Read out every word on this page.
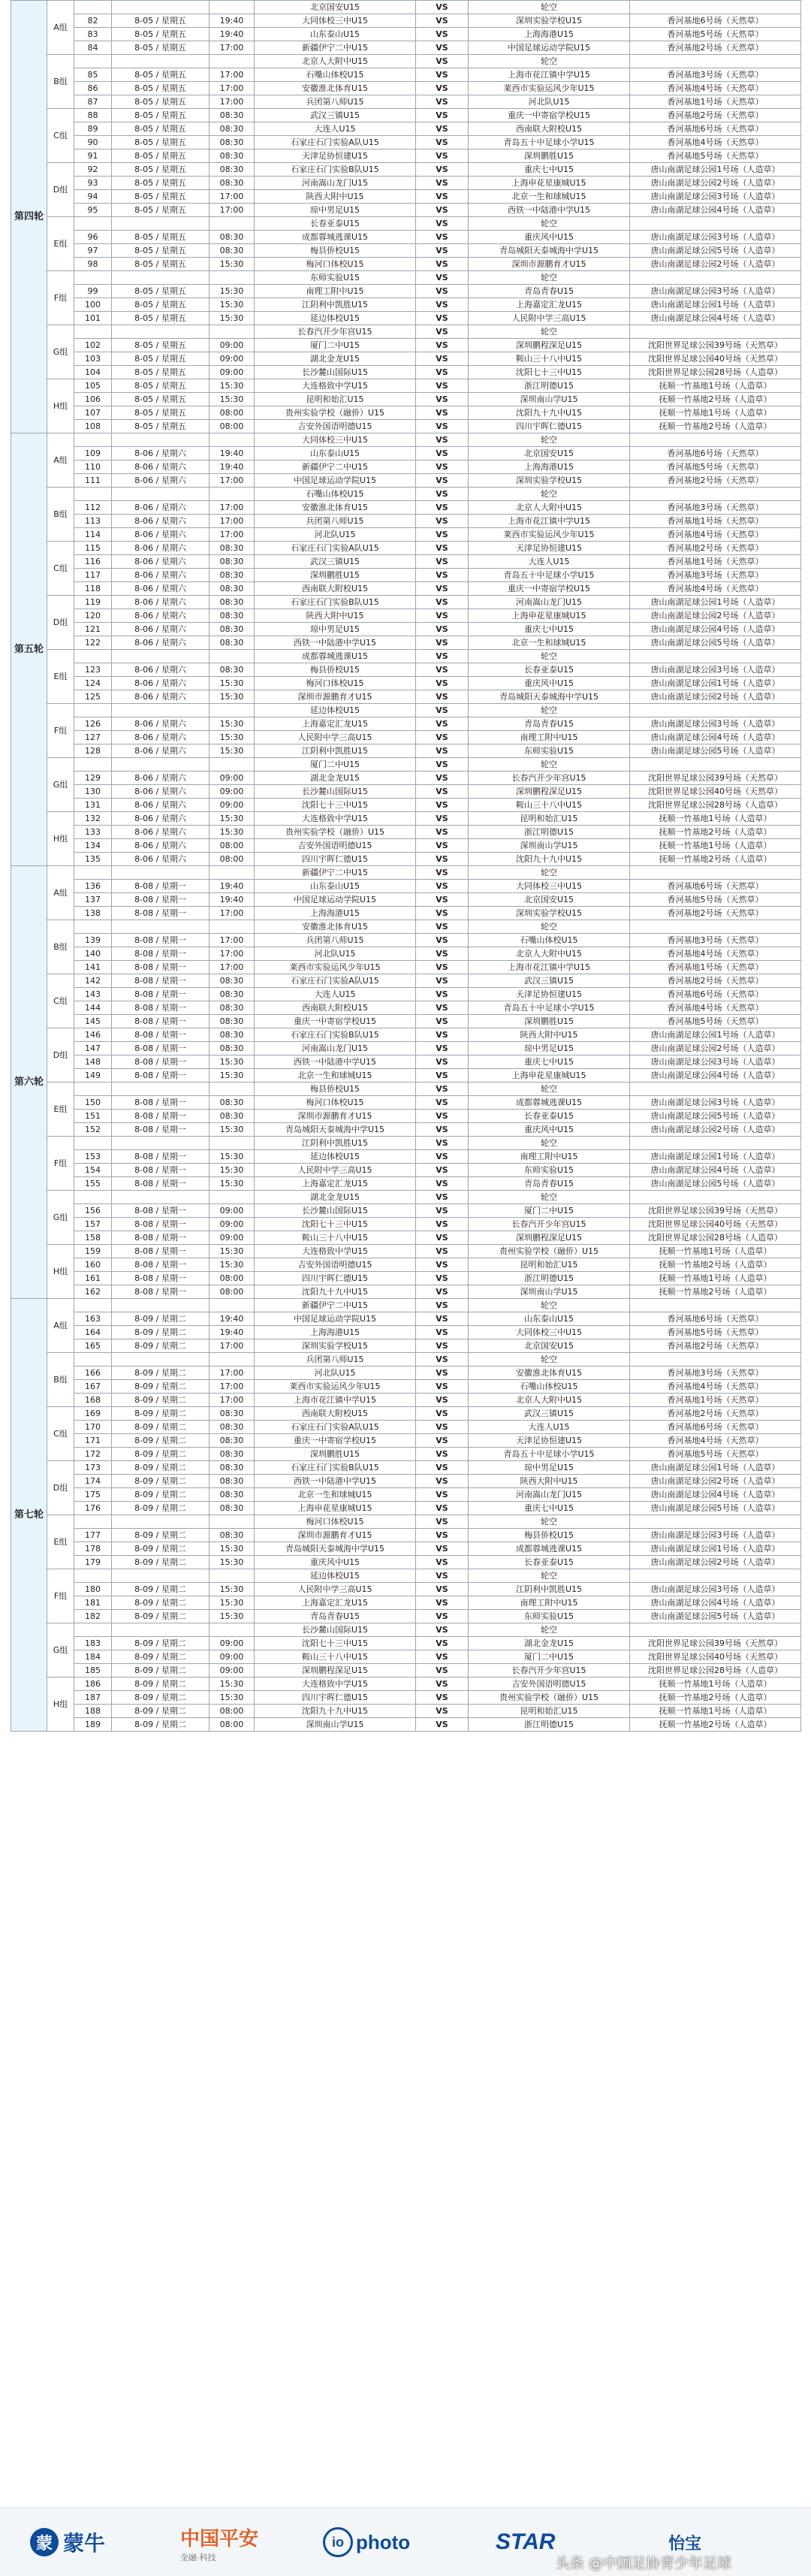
第四轮	A组				北京国安U15	VS	轮空	
		82	8-05 / 星期五	19:40	大同体校三中U15	VS	深圳实验学校U15	香河基地6号场（天然草）
		83	8-05 / 星期五	19:40	山东泰山U15	VS	上海海港U15	香河基地5号场（天然草）
		84	8-05 / 星期五	17:00	新疆伊宁二中U15	VS	中国足球运动学院U15	香河基地2号场（天然草）
	B组				北京人大附中U15	VS	轮空	
		85	8-05 / 星期五	17:00	石嘴山体校U15	VS	上海市花江镇中学U15	香河基地3号场（天然草）
		86	8-05 / 星期五	17:00	安徽淮北体育U15	VS	莱西市实验运风少年U15	香河基地4号场（天然草）
		87	8-05 / 星期五	17:00	兵团第八师U15	VS	河北队U15	香河基地1号场（天然草）
	C组	88	8-05 / 星期五	08:30	武汉三镇U15	VS	重庆一中寄宿学校U15	香河基地2号场（天然草）
		89	8-05 / 星期五	08:30	大连人U15	VS	西南联大附校U15	香河基地6号场（天然草）
		90	8-05 / 星期五	08:30	石家庄石门实验A队U15	VS	青岛五十中足球小学U15	香河基地4号场（天然草）
		91	8-05 / 星期五	08:30	天津足协恒建U15	VS	深圳鹏胜U15	香河基地5号场（天然草）
	D组	92	8-05 / 星期五	08:30	石家庄石门实验B队U15	VS	重庆七中U15	唐山南湖足球公园1号场（人造草）
		93	8-05 / 星期五	08:30	河南嵩山龙门U15	VS	上海申花星康城U15	唐山南湖足球公园2号场（人造草）
		94	8-05 / 星期五	17:00	陕西大附中U15	VS	北京一生和球城U15	唐山南湖足球公园3号场（人造草）
		95	8-05 / 星期五	17:00	琼中男足U15	VS	西铁一中陆港中学U15	唐山南湖足球公园4号场（人造草）
	E组				长春亚泰U15	VS	轮空	
		96	8-05 / 星期五	08:30	成都蓉城逃课U15	VS	重庆风中U15	唐山南湖足球公园3号场（人造草）
		97	8-05 / 星期五	08:30	梅县侨校U15	VS	青岛城阳天泰城海中学U15	唐山南湖足球公园5号场（人造草）
		98	8-05 / 星期五	15:30	梅河口体校U15	VS	深圳市源鹏育才U15	唐山南湖足球公园2号场（人造草）
	F组				东师实验U15	VS	轮空	
		99	8-05 / 星期五	15:30	南理工附中U15	VS	青岛青春U15	唐山南湖足球公园3号场（人造草）
		100	8-05 / 星期五	15:30	江阴利中凯胜U15	VS	上海嘉定汇龙U15	唐山南湖足球公园1号场（人造草）
		101	8-05 / 星期五	15:30	延边体校U15	VS	人民附中学三高U15	唐山南湖足球公园4号场（人造草）
	G组				长春汽开少年宫U15	VS	轮空	
		102	8-05 / 星期五	09:00	厦门二中U15	VS	深圳鹏程深足U15	沈阳世界足球公园39号场（天然草）
		103	8-05 / 星期五	09:00	湖北金龙U15	VS	鞍山三十八中U15	沈阳世界足球公园40号场（天然草）
		104	8-05 / 星期五	09:00	长沙麓山国际U15	VS	沈阳七十三中U15	沈阳世界足球公园28号场（人造草）
	H组	105	8-05 / 星期五	15:30	大连格致中学U15	VS	浙江明德U15	抚顺一竹基地1号场（人造草）
		106	8-05 / 星期五	15:30	昆明和始汇U15	VS	深圳南山学U15	抚顺一竹基地2号场（人造草）
		107	8-05 / 星期五	08:00	贵州实验学校（融侨）U15	VS	沈阳九十九中U15	抚顺一竹基地1号场（人造草）
		108	8-05 / 星期五	08:00	吉安外国语明德U15	VS	四川宇晖仁德U15	抚顺一竹基地2号场（人造草）
第五轮	A组				大同体校三中U15	VS	轮空	
		109	8-06 / 星期六	19:40	山东泰山U15	VS	北京国安U15	香河基地6号场（天然草）
		110	8-06 / 星期六	19:40	新疆伊宁二中U15	VS	上海海港U15	香河基地5号场（天然草）
		111	8-06 / 星期六	17:00	中国足球运动学院U15	VS	深圳实验学校U15	香河基地2号场（天然草）
	B组				石嘴山体校U15	VS	轮空	
		112	8-06 / 星期六	17:00	安徽淮北体育U15	VS	北京人大附中U15	香河基地3号场（天然草）
		113	8-06 / 星期六	17:00	兵团第八师U15	VS	上海市花江镇中学U15	香河基地1号场（天然草）
		114	8-06 / 星期六	17:00	河北队U15	VS	莱西市实验运风少年U15	香河基地4号场（天然草）
	C组	115	8-06 / 星期六	08:30	石家庄石门实验A队U15	VS	天津足协恒建U15	香河基地2号场（天然草）
		116	8-06 / 星期六	08:30	武汉三镇U15	VS	大连人U15	香河基地1号场（天然草）
		117	8-06 / 星期六	08:30	深圳鹏胜U15	VS	青岛五十中足球小学U15	香河基地3号场（天然草）
		118	8-06 / 星期六	08:30	西南联大附校U15	VS	重庆一中寄宿学校U15	香河基地4号场（天然草）
	D组	119	8-06 / 星期六	08:30	石家庄石门实验B队U15	VS	河南嵩山龙门U15	唐山南湖足球公园1号场（人造草）
		120	8-06 / 星期六	08:30	陕西大附中U15	VS	上海申花星康城U15	唐山南湖足球公园2号场（人造草）
		121	8-06 / 星期六	08:30	琼中男足U15	VS	重庆七中U15	唐山南湖足球公园4号场（人造草）
		122	8-06 / 星期六	08:30	西铁一中陆港中学U15	VS	北京一生和球城U15	唐山南湖足球公园5号场（人造草）
	E组				成都蓉城逃课U15	VS	轮空	
		123	8-06 / 星期六	08:30	梅县侨校U15	VS	长春亚泰U15	唐山南湖足球公园3号场（人造草）
		124	8-06 / 星期六	15:30	梅河口体校U15	VS	重庆风中U15	唐山南湖足球公园1号场（人造草）
		125	8-06 / 星期六	15:30	深圳市源鹏育才U15	VS	青岛城阳天泰城海中学U15	唐山南湖足球公园2号场（人造草）
	F组				延边体校U15	VS	轮空	
		126	8-06 / 星期六	15:30	上海嘉定汇龙U15	VS	青岛青春U15	唐山南湖足球公园3号场（人造草）
		127	8-06 / 星期六	15:30	人民附中学三高U15	VS	南理工附中U15	唐山南湖足球公园4号场（人造草）
		128	8-06 / 星期六	15:30	江阴利中凯胜U15	VS	东师实验U15	唐山南湖足球公园5号场（人造草）
	G组				厦门二中U15	VS	轮空	
		129	8-06 / 星期六	09:00	湖北金龙U15	VS	长春汽开少年宫U15	沈阳世界足球公园39号场（天然草）
		130	8-06 / 星期六	09:00	长沙麓山国际U15	VS	深圳鹏程深足U15	沈阳世界足球公园40号场（天然草）
		131	8-06 / 星期六	09:00	沈阳七十三中U15	VS	鞍山三十八中U15	沈阳世界足球公园28号场（人造草）
	H组	132	8-06 / 星期六	15:30	大连格致中学U15	VS	昆明和始汇U15	抚顺一竹基地1号场（人造草）
		133	8-06 / 星期六	15:30	贵州实验学校（融侨）U15	VS	浙江明德U15	抚顺一竹基地2号场（人造草）
		134	8-06 / 星期六	08:00	吉安外国语明德U15	VS	深圳南山学U15	抚顺一竹基地1号场（人造草）
		135	8-06 / 星期六	08:00	四川宇晖仁德U15	VS	沈阳九十九中U15	抚顺一竹基地2号场（人造草）
第六轮	A组				新疆伊宁二中U15	VS	轮空	
		136	8-08 / 星期一	19:40	山东泰山U15	VS	大同体校三中U15	香河基地6号场（天然草）
		137	8-08 / 星期一	19:40	中国足球运动学院U15	VS	北京国安U15	香河基地5号场（天然草）
		138	8-08 / 星期一	17:00	上海海港U15	VS	深圳实验学校U15	香河基地2号场（天然草）
	B组				安徽淮北体育U15	VS	轮空	
		139	8-08 / 星期一	17:00	兵团第八师U15	VS	石嘴山体校U15	香河基地3号场（天然草）
		140	8-08 / 星期一	17:00	河北队U15	VS	北京人大附中U15	香河基地4号场（天然草）
		141	8-08 / 星期一	17:00	莱西市实验运风少年U15	VS	上海市花江镇中学U15	香河基地1号场（天然草）
	C组	142	8-08 / 星期一	08:30	石家庄石门实验A队U15	VS	武汉三镇U15	香河基地2号场（天然草）
		143	8-08 / 星期一	08:30	大连人U15	VS	天津足协恒建U15	香河基地6号场（天然草）
		144	8-08 / 星期一	08:30	西南联大附校U15	VS	青岛五十中足球小学U15	香河基地4号场（天然草）
		145	8-08 / 星期一	08:30	重庆一中寄宿学校U15	VS	深圳鹏胜U15	香河基地5号场（天然草）
	D组	146	8-08 / 星期一	08:30	石家庄石门实验B队U15	VS	陕西大附中U15	唐山南湖足球公园1号场（人造草）
		147	8-08 / 星期一	08:30	河南嵩山龙门U15	VS	琼中男足U15	唐山南湖足球公园2号场（人造草）
		148	8-08 / 星期一	15:30	西铁一中陆港中学U15	VS	重庆七中U15	唐山南湖足球公园3号场（人造草）
		149	8-08 / 星期一	15:30	北京一生和球城U15	VS	上海申花星康城U15	唐山南湖足球公园4号场（人造草）
	E组				梅县侨校U15	VS	轮空	
		150	8-08 / 星期一	08:30	梅河口体校U15	VS	成都蓉城逃课U15	唐山南湖足球公园3号场（人造草）
		151	8-08 / 星期一	08:30	深圳市源鹏育才U15	VS	长春亚泰U15	唐山南湖足球公园5号场（人造草）
		152	8-08 / 星期一	15:30	青岛城阳天泰城海中学U15	VS	重庆风中U15	唐山南湖足球公园2号场（人造草）
	F组				江阴利中凯胜U15	VS	轮空	
		153	8-08 / 星期一	15:30	延边体校U15	VS	南理工附中U15	唐山南湖足球公园1号场（人造草）
		154	8-08 / 星期一	15:30	人民附中学三高U15	VS	东师实验U15	唐山南湖足球公园4号场（人造草）
		155	8-08 / 星期一	15:30	上海嘉定汇龙U15	VS	青岛青春U15	唐山南湖足球公园5号场（人造草）
	G组				湖北金龙U15	VS	轮空	
		156	8-08 / 星期一	09:00	长沙麓山国际U15	VS	厦门二中U15	沈阳世界足球公园39号场（天然草）
		157	8-08 / 星期一	09:00	沈阳七十三中U15	VS	长春汽开少年宫U15	沈阳世界足球公园40号场（天然草）
		158	8-08 / 星期一	09:00	鞍山三十八中U15	VS	深圳鹏程深足U15	沈阳世界足球公园28号场（人造草）
	H组	159	8-08 / 星期一	15:30	大连格致中学U15	VS	贵州实验学校（融侨）U15	抚顺一竹基地1号场（人造草）
		160	8-08 / 星期一	15:30	吉安外国语明德U15	VS	昆明和始汇U15	抚顺一竹基地2号场（人造草）
		161	8-08 / 星期一	08:00	四川宇晖仁德U15	VS	浙江明德U15	抚顺一竹基地1号场（人造草）
		162	8-08 / 星期一	08:00	沈阳九十九中U15	VS	深圳南山学U15	抚顺一竹基地2号场（人造草）
第七轮	A组				新疆伊宁二中U15	VS	轮空	
		163	8-09 / 星期二	19:40	中国足球运动学院U15	VS	山东泰山U15	香河基地6号场（天然草）
		164	8-09 / 星期二	19:40	上海海港U15	VS	大同体校三中U15	香河基地5号场（天然草）
		165	8-09 / 星期二	17:00	深圳实验学校U15	VS	北京国安U15	香河基地2号场（天然草）
	B组				兵团第八师U15	VS	轮空	
		166	8-09 / 星期二	17:00	河北队U15	VS	安徽淮北体育U15	香河基地3号场（天然草）
		167	8-09 / 星期二	17:00	莱西市实验运风少年U15	VS	石嘴山体校U15	香河基地4号场（天然草）
		168	8-09 / 星期二	17:00	上海市花江镇中学U15	VS	北京人大附中U15	香河基地1号场（天然草）
	C组	169	8-09 / 星期二	08:30	西南联大附校U15	VS	武汉三镇U15	香河基地2号场（天然草）
		170	8-09 / 星期二	08:30	石家庄石门实验A队U15	VS	大连人U15	香河基地6号场（天然草）
		171	8-09 / 星期二	08:30	重庆一中寄宿学校U15	VS	天津足协恒建U15	香河基地4号场（天然草）
		172	8-09 / 星期二	08:30	深圳鹏胜U15	VS	青岛五十中足球小学U15	香河基地5号场（天然草）
	D组	173	8-09 / 星期二	08:30	石家庄石门实验B队U15	VS	琼中男足U15	唐山南湖足球公园1号场（人造草）
		174	8-09 / 星期二	08:30	西铁一中陆港中学U15	VS	陕西大附中U15	唐山南湖足球公园2号场（人造草）
		175	8-09 / 星期二	08:30	北京一生和球城U15	VS	河南嵩山龙门U15	唐山南湖足球公园4号场（人造草）
		176	8-09 / 星期二	08:30	上海申花星康城U15	VS	重庆七中U15	唐山南湖足球公园5号场（人造草）
	E组				梅河口体校U15	VS	轮空	
		177	8-09 / 星期二	08:30	深圳市源鹏育才U15	VS	梅县侨校U15	唐山南湖足球公园3号场（人造草）
		178	8-09 / 星期二	15:30	青岛城阳天泰城海中学U15	VS	成都蓉城逃课U15	唐山南湖足球公园1号场（人造草）
		179	8-09 / 星期二	15:30	重庆风中U15	VS	长春亚泰U15	唐山南湖足球公园2号场（人造草）
	F组				延边体校U15	VS	轮空	
		180	8-09 / 星期二	15:30	人民附中学三高U15	VS	江阴利中凯胜U15	唐山南湖足球公园3号场（人造草）
		181	8-09 / 星期二	15:30	上海嘉定汇龙U15	VS	南理工附中U15	唐山南湖足球公园4号场（人造草）
		182	8-09 / 星期二	15:30	青岛青春U15	VS	东师实验U15	唐山南湖足球公园5号场（人造草）
	G组				长沙麓山国际U15	VS	轮空	
		183	8-09 / 星期二	09:00	沈阳七十三中U15	VS	湖北金龙U15	沈阳世界足球公园39号场（天然草）
		184	8-09 / 星期二	09:00	鞍山三十八中U15	VS	厦门二中U15	沈阳世界足球公园40号场（天然草）
		185	8-09 / 星期二	09:00	深圳鹏程深足U15	VS	长春汽开少年宫U15	沈阳世界足球公园28号场（人造草）
	H组	186	8-09 / 星期二	15:30	大连格致中学U15	VS	吉安外国语明德U15	抚顺一竹基地1号场（人造草）
		187	8-09 / 星期二	15:30	四川宇晖仁德U15	VS	贵州实验学校（融侨）U15	抚顺一竹基地2号场（人造草）
		188	8-09 / 星期二	08:00	沈阳九十九中U15	VS	昆明和始汇U15	抚顺一竹基地1号场（人造草）
		189	8-09 / 星期二	08:00	深圳南山学U15	VS	浙江明德U15	抚顺一竹基地2号场（人造草）
蒙 蒙牛	中国平安
金融·科技
io photo	STAR	怡宝
头条 @中国足协青少年足球
